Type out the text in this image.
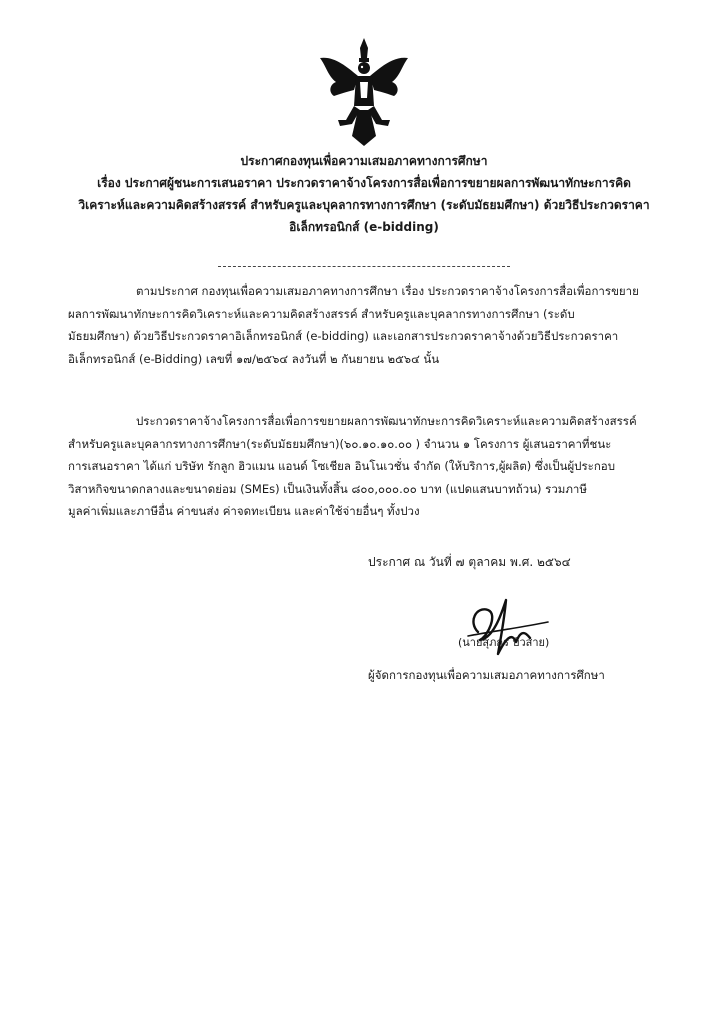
ประกาศกองทุนเพื่อความเสมอภาคทางการศึกษา
เรื่อง ประกาศผู้ชนะการเสนอราคา ประกวดราคาจ้างโครงการสื่อเพื่อการขยายผลการพัฒนาทักษะการคิด
วิเคราะห์และความคิดสร้างสรรค์ สำหรับครูและบุคลากรทางการศึกษา (ระดับมัธยมศึกษา) ด้วยวิธีประกวดราคา
อิเล็กทรอนิกส์ (e-bidding)
ตามประกาศ กองทุนเพื่อความเสมอภาคทางการศึกษา เรื่อง ประกวดราคาจ้างโครงการสื่อเพื่อการขยาย
ผลการพัฒนาทักษะการคิดวิเคราะห์และความคิดสร้างสรรค์ สำหรับครูและบุคลากรทางการศึกษา (ระดับ
มัธยมศึกษา) ด้วยวิธีประกวดราคาอิเล็กทรอนิกส์ (e-bidding) และเอกสารประกวดราคาจ้างด้วยวิธีประกวดราคา
อิเล็กทรอนิกส์ (e-Bidding) เลขที่ ๑๗/๒๕๖๔ ลงวันที่ ๒ กันยายน ๒๕๖๔ นั้น
ประกวดราคาจ้างโครงการสื่อเพื่อการขยายผลการพัฒนาทักษะการคิดวิเคราะห์และความคิดสร้างสรรค์
สำหรับครูและบุคลากรทางการศึกษา(ระดับมัธยมศึกษา)(๖๐.๑๐.๑๐.๐๐ ) จำนวน ๑ โครงการ ผู้เสนอราคาที่ชนะ
การเสนอราคา ได้แก่ บริษัท รักลูก ฮิวแมน แอนด์ โซเชียล อินโนเวชั่น จำกัด (ให้บริการ,ผู้ผลิต) ซึ่งเป็นผู้ประกอบ
วิสาหกิจขนาดกลางและขนาดย่อม (SMEs) เป็นเงินทั้งสิ้น ๘๐๐,๐๐๐.๐๐ บาท (แปดแสนบาทถ้วน) รวมภาษี
มูลค่าเพิ่มและภาษีอื่น ค่าขนส่ง ค่าจดทะเบียน และค่าใช้จ่ายอื่นๆ ทั้งปวง
ประกาศ ณ วันที่ ๗ ตุลาคม พ.ศ. ๒๕๖๔
(นายสุภกร บัวสาย)
ผู้จัดการกองทุนเพื่อความเสมอภาคทางการศึกษา
